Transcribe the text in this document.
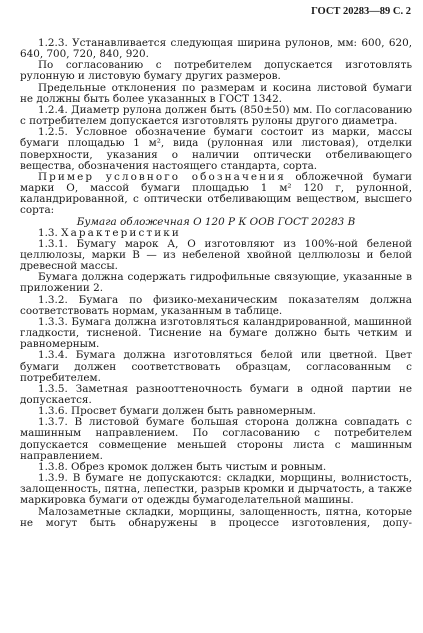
ГОСТ 20283—89 С. 2

1.2.3. Устанавливается следующая ширина рулонов, мм: 600, 620, 640, 700, 720, 840, 920.

По согласованию с потребителем допускается изготовлять рулонную и листовую бумагу других размеров.

Предельные отклонения по размерам и косина листовой бумаги не должны быть более указанных в ГОСТ 1342.

1.2.4. Диаметр рулона должен быть (850±50) мм. По согласованию с потребителем допускается изготовлять рулоны другого диаметра.

1.2.5. Условное обозначение бумаги состоит из марки, массы бумаги площадью 1 м², вида (рулонная или листовая), отделки поверхности, указания о наличии оптически отбеливающего вещества, обозначения настоящего стандарта, сорта.

Пример условного обозначения обложечной бумаги марки О, массой бумаги площадью 1 м² 120 г, рулонной, каландрированной, с оптически отбеливающим веществом, высшего сорта:

Бумага обложечная О 120 Р К ООВ ГОСТ 20283 В

1.3. Характеристики

1.3.1. Бумагу марок А, О изготовляют из 100%-ной беленой целлюлозы, марки В — из небеленой хвойной целлюлозы и белой древесной массы.

Бумага должна содержать гидрофильные связующие, указанные в приложении 2.

1.3.2. Бумага по физико-механическим показателям должна соответствовать нормам, указанным в таблице.

1.3.3. Бумага должна изготовляться каландрированной, машинной гладкости, тисненой. Тиснение на бумаге должно быть четким и равномерным.

1.3.4. Бумага должна изготовляться белой или цветной. Цвет бумаги должен соответствовать образцам, согласованным с потребителем.

1.3.5. Заметная разнооттеночность бумаги в одной партии не допускается.

1.3.6. Просвет бумаги должен быть равномерным.

1.3.7. В листовой бумаге большая сторона должна совпадать с машинным направлением. По согласованию с потребителем допускается совмещение меньшей стороны листа с машинным направлением.

1.3.8. Обрез кромок должен быть чистым и ровным.

1.3.9. В бумаге не допускаются: складки, морщины, волнистость, залощенность, пятна, лепестки, разрыв кромки и дырчатость, а также маркировка бумаги от одежды бумагоделательной машины.

Малозаметные складки, морщины, залощенность, пятна, которые не могут быть обнаружены в процессе изготовления, допу-
